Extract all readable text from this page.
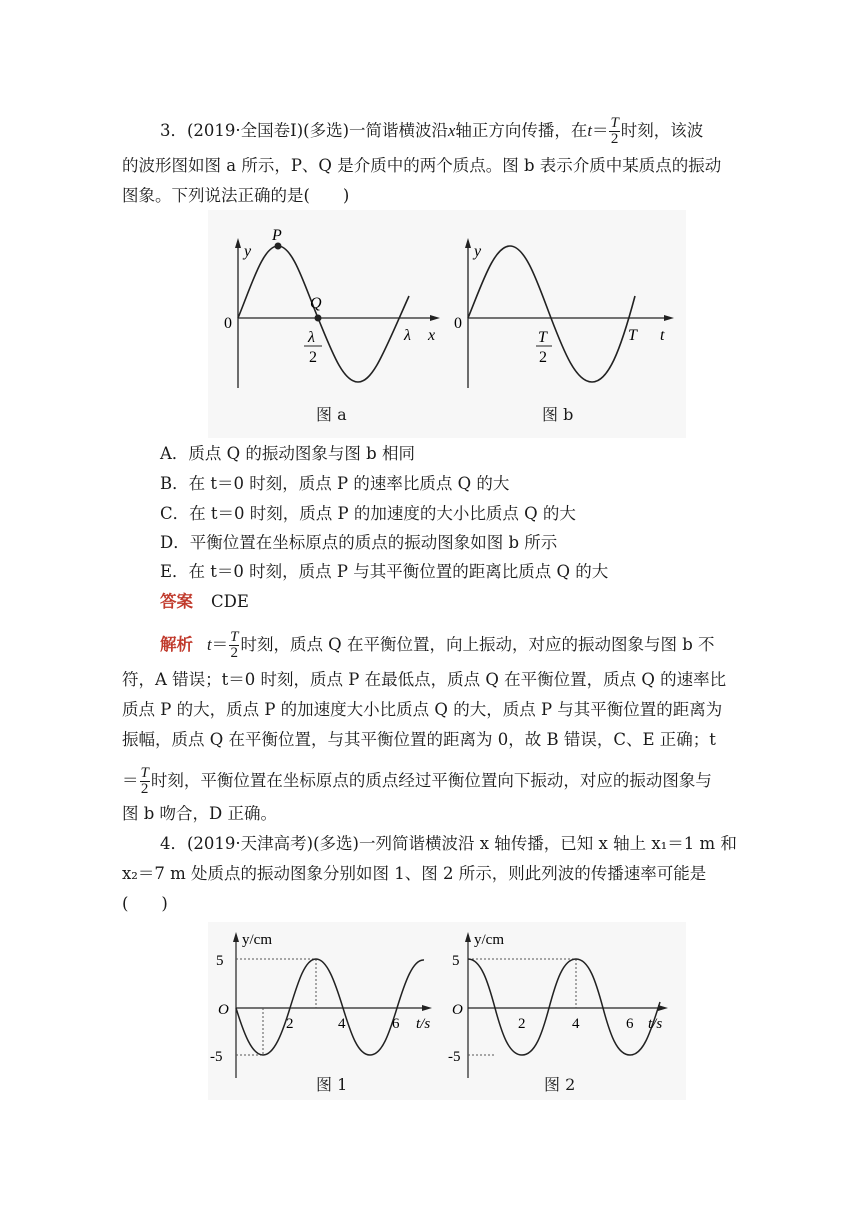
3．(2019·全国卷Ⅰ)(多选)一简谐横波沿x轴正方向传播，在$t= \frac{T}{2}$ 时刻，该波
的波形图如图 a 所示，P、Q 是介质中的两个质点。图 b 表示介质中某质点的振动
图象。下列说法正确的是(　　)
y
P
Q
0
λ
2
λ x
图 a
y
0
T
2
T t
图 b
A．质点 Q 的振动图象与图 b 相同
B．在 t＝0 时刻，质点 P 的速率比质点 Q 的大
C．在 t＝0 时刻，质点 P 的加速度的大小比质点 Q 的大
D．平衡位置在坐标原点的质点的振动图象如图 b 所示
E．在 t＝0 时刻，质点 P 与其平衡位置的距离比质点 Q 的大
答案 CDE
解析 $t= \frac{T}{2}$ 时刻，质点 Q 在平衡位置，向上振动，对应的振动图象与图 b 不
符，A 错误；t＝0 时刻，质点 P 在最低点，质点 Q 在平衡位置，质点 Q 的速率比
质点 P 的大，质点 P 的加速度大小比质点 Q 的大，质点 P 与其平衡位置的距离为
振幅，质点 Q 在平衡位置，与其平衡位置的距离为 0，故 B 错误，C、E 正确；t
＝ $\frac{T}{2}$ 时刻，平衡位置在坐标原点的质点经过平衡位置向下振动，对应的振动图象与
图 b 吻合，D 正确。
4．(2019·天津高考)(多选)一列简谐横波沿 x 轴传播，已知 x 轴上 x₁＝1 m 和
x₂＝7 m 处质点的振动图象分别如图 1、图 2 所示，则此列波的传播速率可能是
(　　)
y/cm
5
-5
O
2	4	6 t/s
图 1
y/cm
5
-5
O
2	4	6 t/s
图 2
